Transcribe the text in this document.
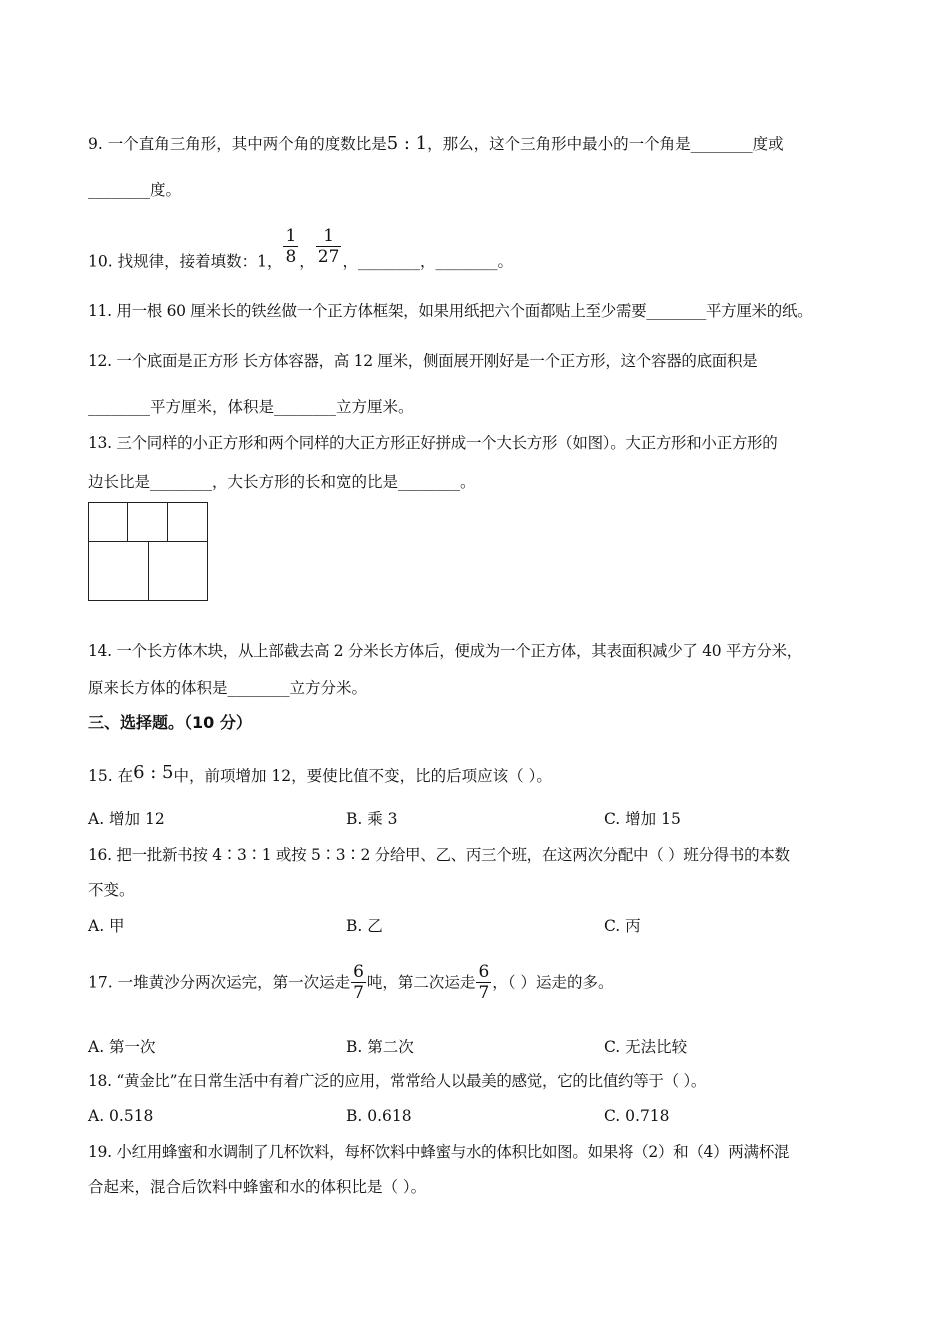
9. 一个直角三角形，其中两个角的度数比是5 : 1，那么，这个三角形中最小的一个角是________度或
________度。
10. 找规律，接着填数：1， $\frac{1}{8}$ ， $\frac{1}{27}$ ，________，________。
11. 用一根 60 厘米长的铁丝做一个正方体框架，如果用纸把六个面都贴上至少需要________平方厘米的纸。
12. 一个底面是正方形 长方体容器，高 12 厘米，侧面展开刚好是一个正方形，这个容器的底面积是
________平方厘米，体积是________立方厘米。
13. 三个同样的小正方形和两个同样的大正方形正好拼成一个大长方形（如图）。大正方形和小正方形的
边长比是________，大长方形的长和宽的比是________。
14. 一个长方体木块，从上部截去高 2 分米长方体后，便成为一个正方体，其表面积减少了 40 平方分米，
原来长方体的体积是________立方分米。
三、选择题。（10 分）
15. 在6 : 5中，前项增加 12，要使比值不变，比的后项应该（ ）。
A. 增加 12	B. 乘 3	C. 增加 15
16. 把一批新书按 4∶3∶1 或按 5∶3∶2 分给甲、乙、丙三个班，在这两次分配中（ ）班分得书的本数
不变。
A. 甲	B. 乙	C. 丙
17. 一堆黄沙分两次运完，第一次运走 $\frac{6}{7}$ 吨，第二次运走 $\frac{6}{7}$ ，（ ）运走的多。
A. 第一次	B. 第二次	C. 无法比较
18. “黄金比”在日常生活中有着广泛的应用，常常给人以最美的感觉，它的比值约等于（ ）。
A. 0.518	B. 0.618	C. 0.718
19. 小红用蜂蜜和水调制了几杯饮料，每杯饮料中蜂蜜与水的体积比如图。如果将（2）和（4）两满杯混
合起来，混合后饮料中蜂蜜和水的体积比是（ ）。
